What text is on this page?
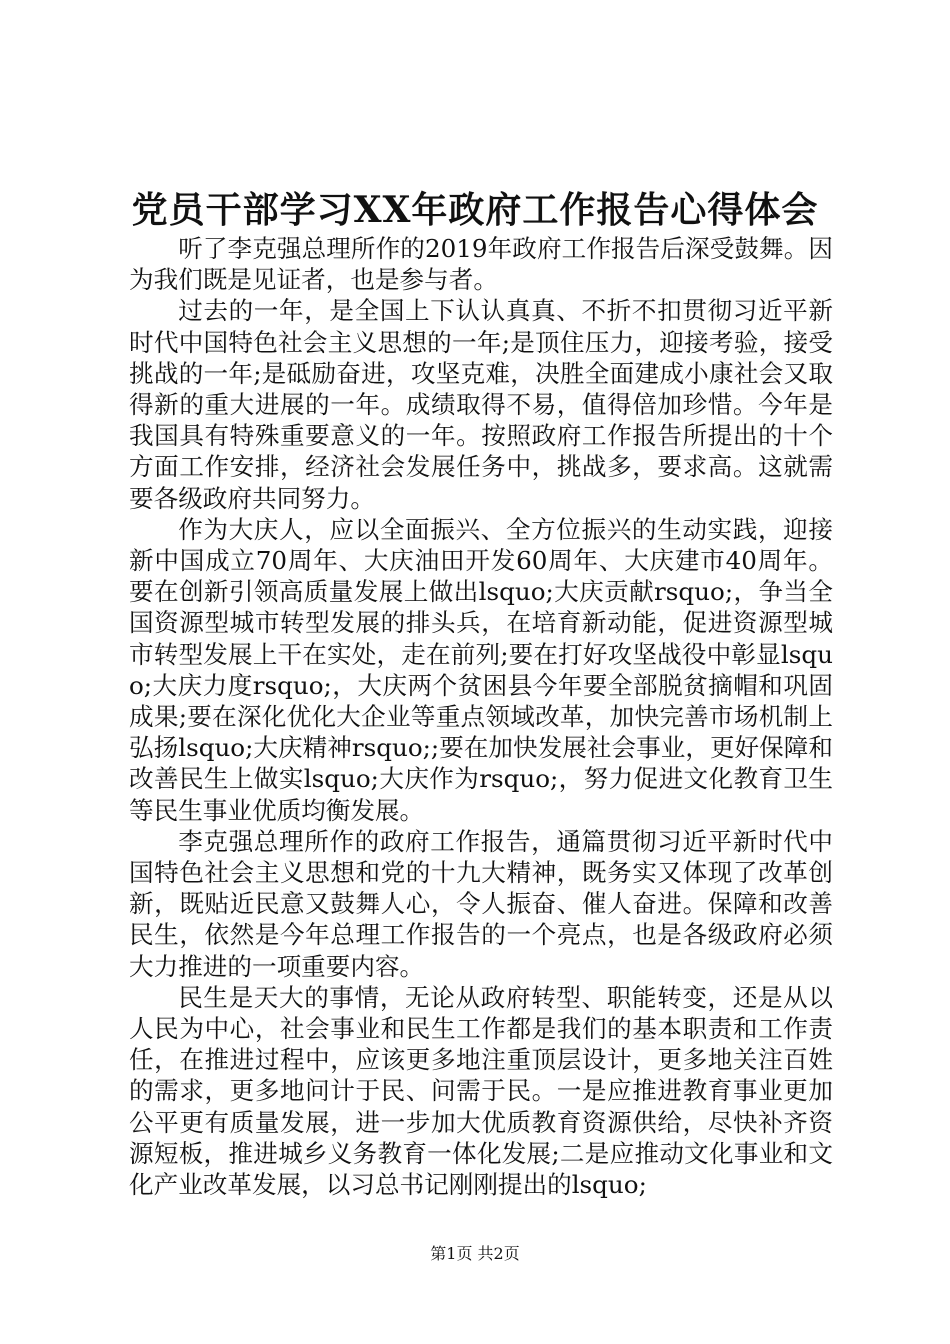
党员干部学习XX年政府工作报告心得体会

听了李克强总理所作的2019年政府工作报告后深受鼓舞。因为我们既是见证者，也是参与者。

过去的一年，是全国上下认认真真、不折不扣贯彻习近平新时代中国特色社会主义思想的一年;是顶住压力，迎接考验，接受挑战的一年;是砥励奋进，攻坚克难，决胜全面建成小康社会又取得新的重大进展的一年。成绩取得不易，值得倍加珍惜。今年是我国具有特殊重要意义的一年。按照政府工作报告所提出的十个方面工作安排，经济社会发展任务中，挑战多，要求高。这就需要各级政府共同努力。

作为大庆人，应以全面振兴、全方位振兴的生动实践，迎接新中国成立70周年、大庆油田开发60周年、大庆建市40周年。要在创新引领高质量发展上做出lsquo;大庆贡献rsquo;，争当全国资源型城市转型发展的排头兵，在培育新动能，促进资源型城市转型发展上干在实处，走在前列;要在打好攻坚战役中彰显lsquo;大庆力度rsquo;，大庆两个贫困县今年要全部脱贫摘帽和巩固成果;要在深化优化大企业等重点领域改革，加快完善市场机制上弘扬lsquo;大庆精神rsquo;;要在加快发展社会事业，更好保障和改善民生上做实lsquo;大庆作为rsquo;，努力促进文化教育卫生等民生事业优质均衡发展。

李克强总理所作的政府工作报告，通篇贯彻习近平新时代中国特色社会主义思想和党的十九大精神，既务实又体现了改革创新，既贴近民意又鼓舞人心，令人振奋、催人奋进。保障和改善民生，依然是今年总理工作报告的一个亮点，也是各级政府必须大力推进的一项重要内容。

民生是天大的事情，无论从政府转型、职能转变，还是从以人民为中心，社会事业和民生工作都是我们的基本职责和工作责任，在推进过程中，应该更多地注重顶层设计，更多地关注百姓的需求，更多地问计于民、问需于民。一是应推进教育事业更加公平更有质量发展，进一步加大优质教育资源供给，尽快补齐资源短板，推进城乡义务教育一体化发展;二是应推动文化事业和文化产业改革发展，以习总书记刚刚提出的lsquo;

第1页 共2页
